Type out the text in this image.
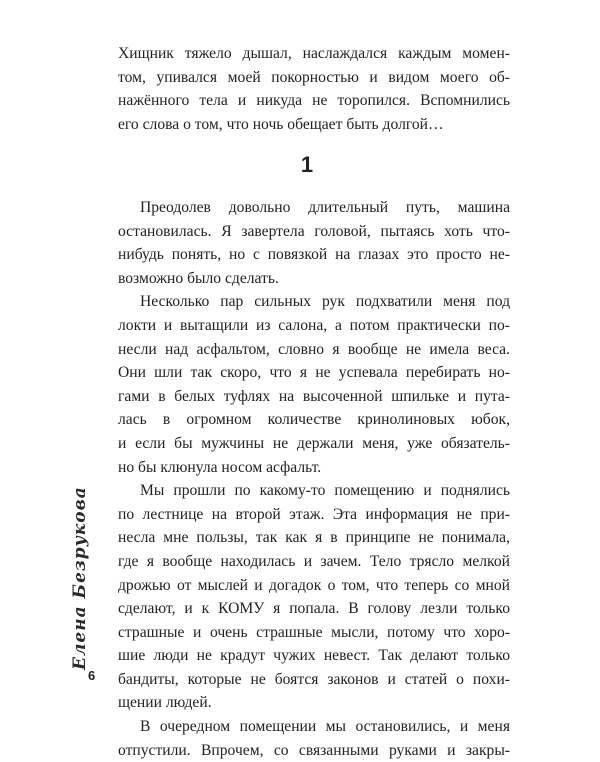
Хищник тяжело дышал, наслаждался каждым момен-
том, упивался моей покорностью и видом моего об-
нажённого тела и никуда не торопился. Вспомнились
его слова о том, что ночь обещает быть долгой…
1
Преодолев довольно длительный путь, машина
остановилась. Я завертела головой, пытаясь хоть что-
нибудь понять, но с повязкой на глазах это просто не-
возможно было сделать.
Несколько пар сильных рук подхватили меня под
локти и вытащили из салона, а потом практически по-
несли над асфальтом, словно я вообще не имела веса.
Они шли так скоро, что я не успевала перебирать но-
гами в белых туфлях на высоченной шпильке и пута-
лась в огромном количестве кринолиновых юбок,
и если бы мужчины не держали меня, уже обязатель-
но бы клюнула носом асфальт.
Мы прошли по какому-то помещению и поднялись
по лестнице на второй этаж. Эта информация не при-
несла мне пользы, так как я в принципе не понимала,
где я вообще находилась и зачем. Тело трясло мелкой
дрожью от мыслей и догадок о том, что теперь со мной
сделают, и к КОМУ я попала. В голову лезли только
страшные и очень страшные мысли, потому что хоро-
шие люди не крадут чужих невест. Так делают только
бандиты, которые не боятся законов и статей о похи-
щении людей.
В очередном помещении мы остановились, и меня
отпустили. Впрочем, со связанными руками и закры-
Елена Безрукова
6
